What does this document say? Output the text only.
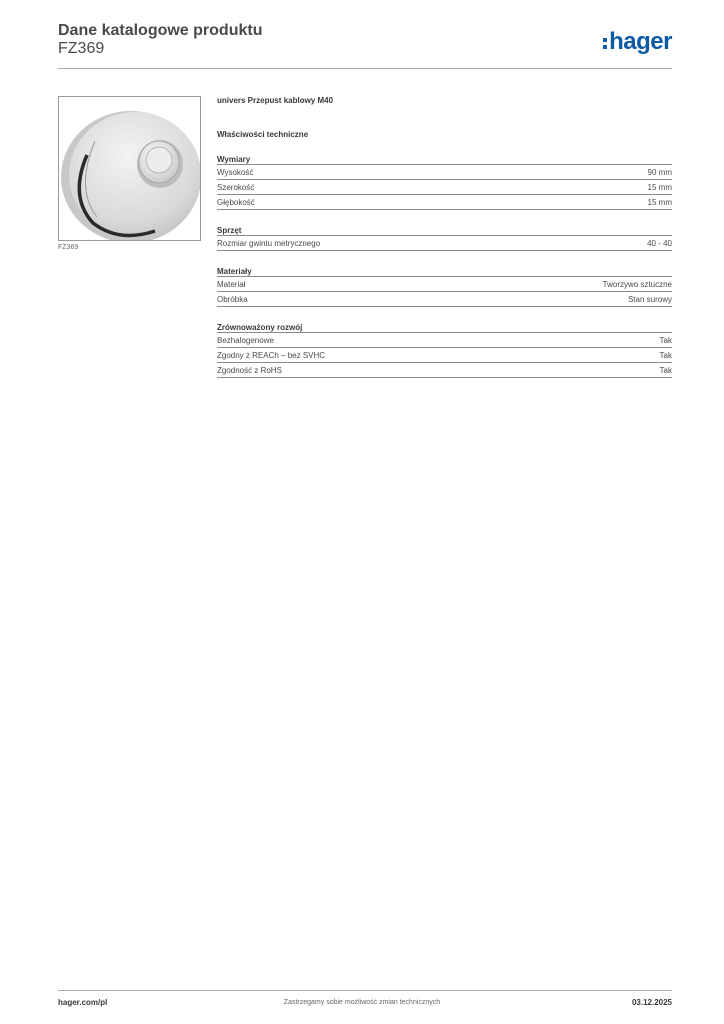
Dane katalogowe produktu
FZ369	hager
FZ369
univers Przepust kablowy M40
Właściwości techniczne
Wymiary
Wysokość	90 mm
Szerokość	15 mm
Głębokość	15 mm
Sprzęt
Rozmiar gwintu metrycznego	40 - 40
Materiały
Materiał	Tworzywo sztuczne
Obróbka	Stan surowy
Zrównoważony rozwój
Bezhalogenowe	Tak
Zgodny z REACh – bez SVHC	Tak
Zgodność z RoHS	Tak
hager.com/pl	Zastrzegamy sobie możliwość zmian technicznych	03.12.2025
